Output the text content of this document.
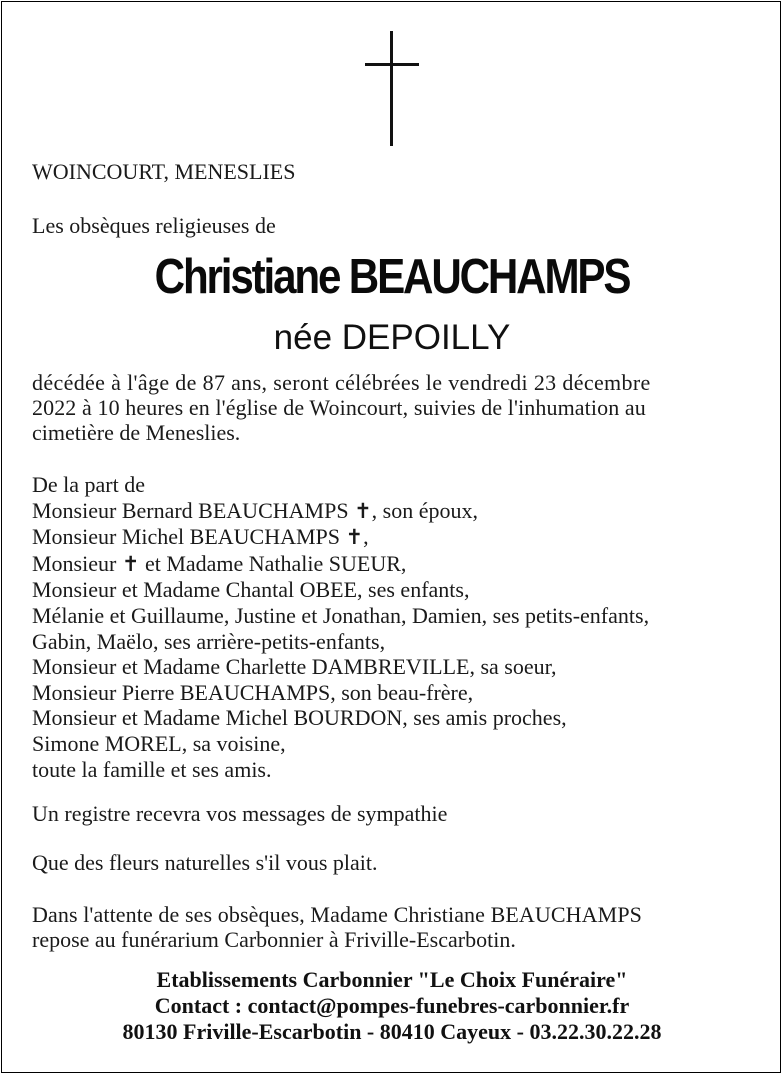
WOINCOURT, MENESLIES
Les obsèques religieuses de
Christiane BEAUCHAMPS
née DEPOILLY
décédée à l'âge de 87 ans, seront célébrées le vendredi 23 décembre
2022 à 10 heures en l'église de Woincourt, suivies de l'inhumation au
cimetière de Meneslies.
De la part de
Monsieur Bernard BEAUCHAMPS ✝, son époux,
Monsieur Michel BEAUCHAMPS ✝,
Monsieur ✝ et Madame Nathalie SUEUR,
Monsieur et Madame Chantal OBEE, ses enfants,
Mélanie et Guillaume, Justine et Jonathan, Damien, ses petits-enfants,
Gabin, Maëlo, ses arrière-petits-enfants,
Monsieur et Madame Charlette DAMBREVILLE, sa soeur,
Monsieur Pierre BEAUCHAMPS, son beau-frère,
Monsieur et Madame Michel BOURDON, ses amis proches,
Simone MOREL, sa voisine,
toute la famille et ses amis.
Un registre recevra vos messages de sympathie
Que des fleurs naturelles s'il vous plait.
Dans l'attente de ses obsèques, Madame Christiane BEAUCHAMPS
repose au funérarium Carbonnier à Friville-Escarbotin.
Etablissements Carbonnier "Le Choix Funéraire"
Contact : contact@pompes-funebres-carbonnier.fr
80130 Friville-Escarbotin - 80410 Cayeux - 03.22.30.22.28
